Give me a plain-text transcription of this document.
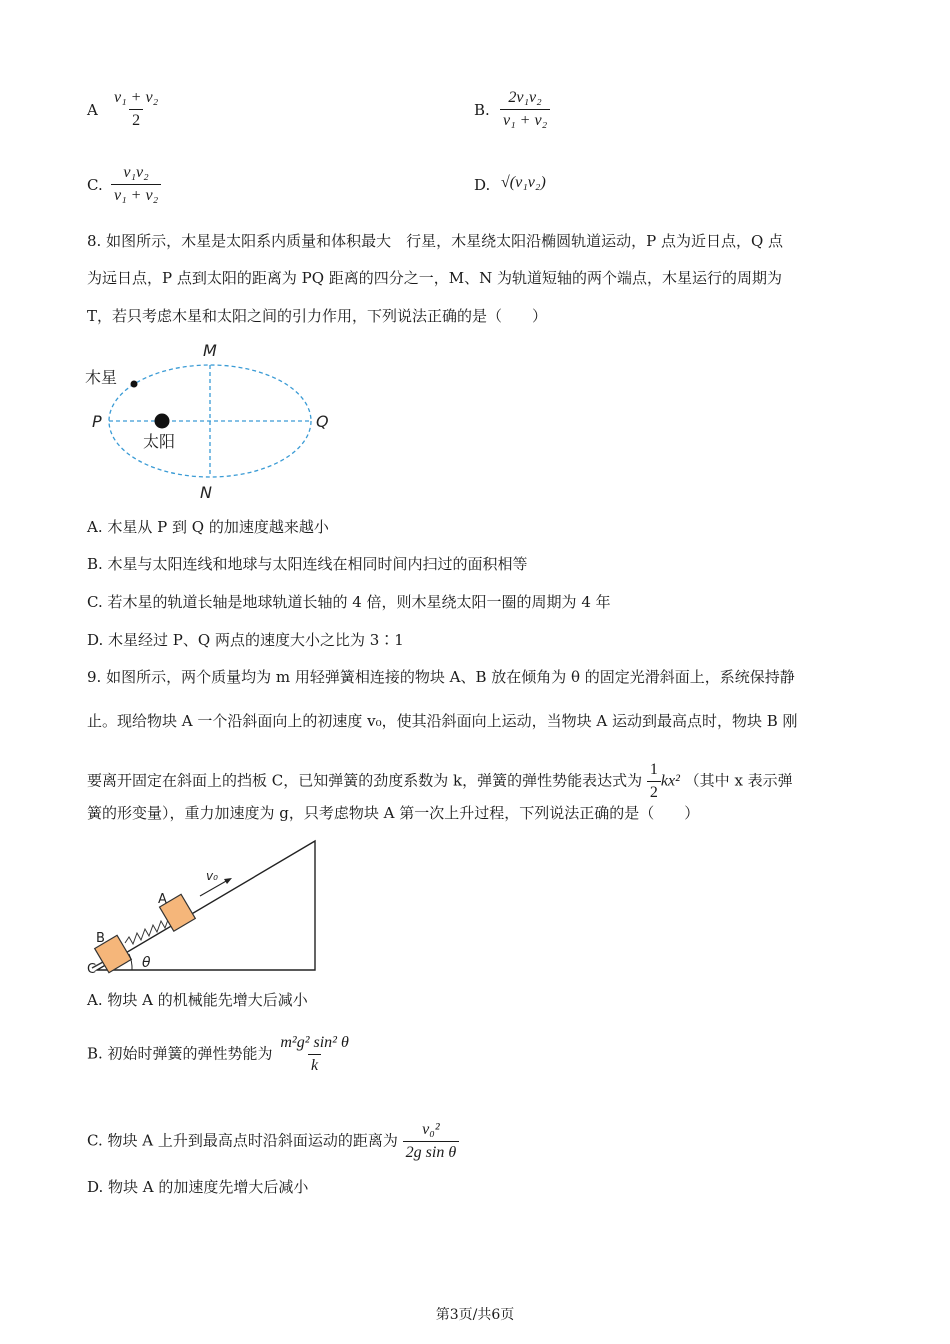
A $\frac{\text{v₁ + v₂}}{2}$	B. $\frac{\text{2v₁v₂}}{\text{v₁ + v₂}}$
C. $\frac{\text{v₁v₂}}{\text{v₁ + v₂}}$	D. √(v₁v₂)
8. 如图所示，木星是太阳系内质量和体积最大　行星，木星绕太阳沿椭圆轨道运动，P 点为近日点，Q 点
为远日点，P 点到太阳的距离为 PQ 距离的四分之一，M、N 为轨道短轴的两个端点，木星运行的周期为
T，若只考虑木星和太阳之间的引力作用，下列说法正确的是（　　）
木星
太阳
M
N
P	Q
A. 木星从 P 到 Q 的加速度越来越小
B. 木星与太阳连线和地球与太阳连线在相同时间内扫过的面积相等
C. 若木星的轨道长轴是地球轨道长轴的 4 倍，则木星绕太阳一圈的周期为 4 年
D. 木星经过 P、Q 两点的速度大小之比为 3∶1
9. 如图所示，两个质量均为 m 用轻弹簧相连接的物块 A、B 放在倾角为 θ 的固定光滑斜面上，系统保持静
止。现给物块 A 一个沿斜面向上的初速度 v₀，使其沿斜面向上运动，当物块 A 运动到最高点时，物块 B 刚
要离开固定在斜面上的挡板 C，已知弹簧的劲度系数为 k，弹簧的弹性势能表达式为 $\frac{1}{2} kx^2$ （其中 x 表示弹
簧的形变量），重力加速度为 g，只考虑物块 A 第一次上升过程，下列说法正确的是（　　）
θ
A
B
C
v₀
A. 物块 A 的机械能先增大后减小
B. 初始时弹簧的弹性势能为 $\frac{\text{m²g² sin² θ}}{k}$
C. 物块 A 上升到最高点时沿斜面运动的距离为 $\frac{\text{v₀²}}{\text{2g sin θ}}$
D. 物块 A 的加速度先增大后减小
第3页/共6页
